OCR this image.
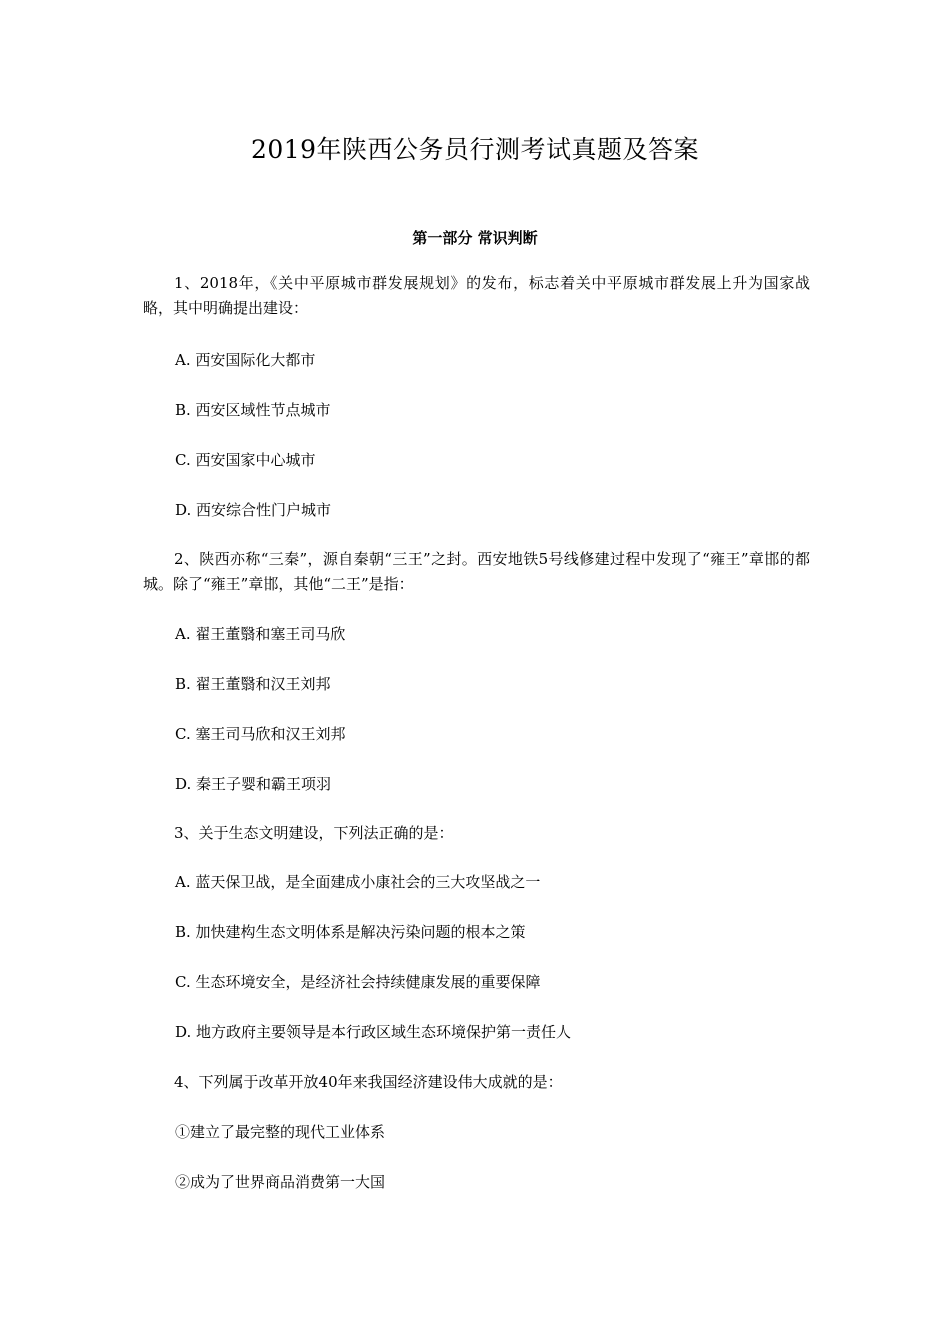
2019年陕西公务员行测考试真题及答案
第一部分 常识判断
1、2018年，《关中平原城市群发展规划》的发布，标志着关中平原城市群发展上升为国家战略，其中明确提出建设：
A. 西安国际化大都市
B. 西安区域性节点城市
C. 西安国家中心城市
D. 西安综合性门户城市
2、陕西亦称“三秦”，源自秦朝“三王”之封。西安地铁5号线修建过程中发现了“雍王”章邯的都城。除了“雍王”章邯，其他“二王”是指：
A. 翟王董翳和塞王司马欣
B. 翟王董翳和汉王刘邦
C. 塞王司马欣和汉王刘邦
D. 秦王子婴和霸王项羽
3、关于生态文明建设，下列法正确的是：
A. 蓝天保卫战，是全面建成小康社会的三大攻坚战之一
B. 加快建构生态文明体系是解决污染问题的根本之策
C. 生态环境安全，是经济社会持续健康发展的重要保障
D. 地方政府主要领导是本行政区域生态环境保护第一责任人
4、下列属于改革开放40年来我国经济建设伟大成就的是：
①建立了最完整的现代工业体系
②成为了世界商品消费第一大国
